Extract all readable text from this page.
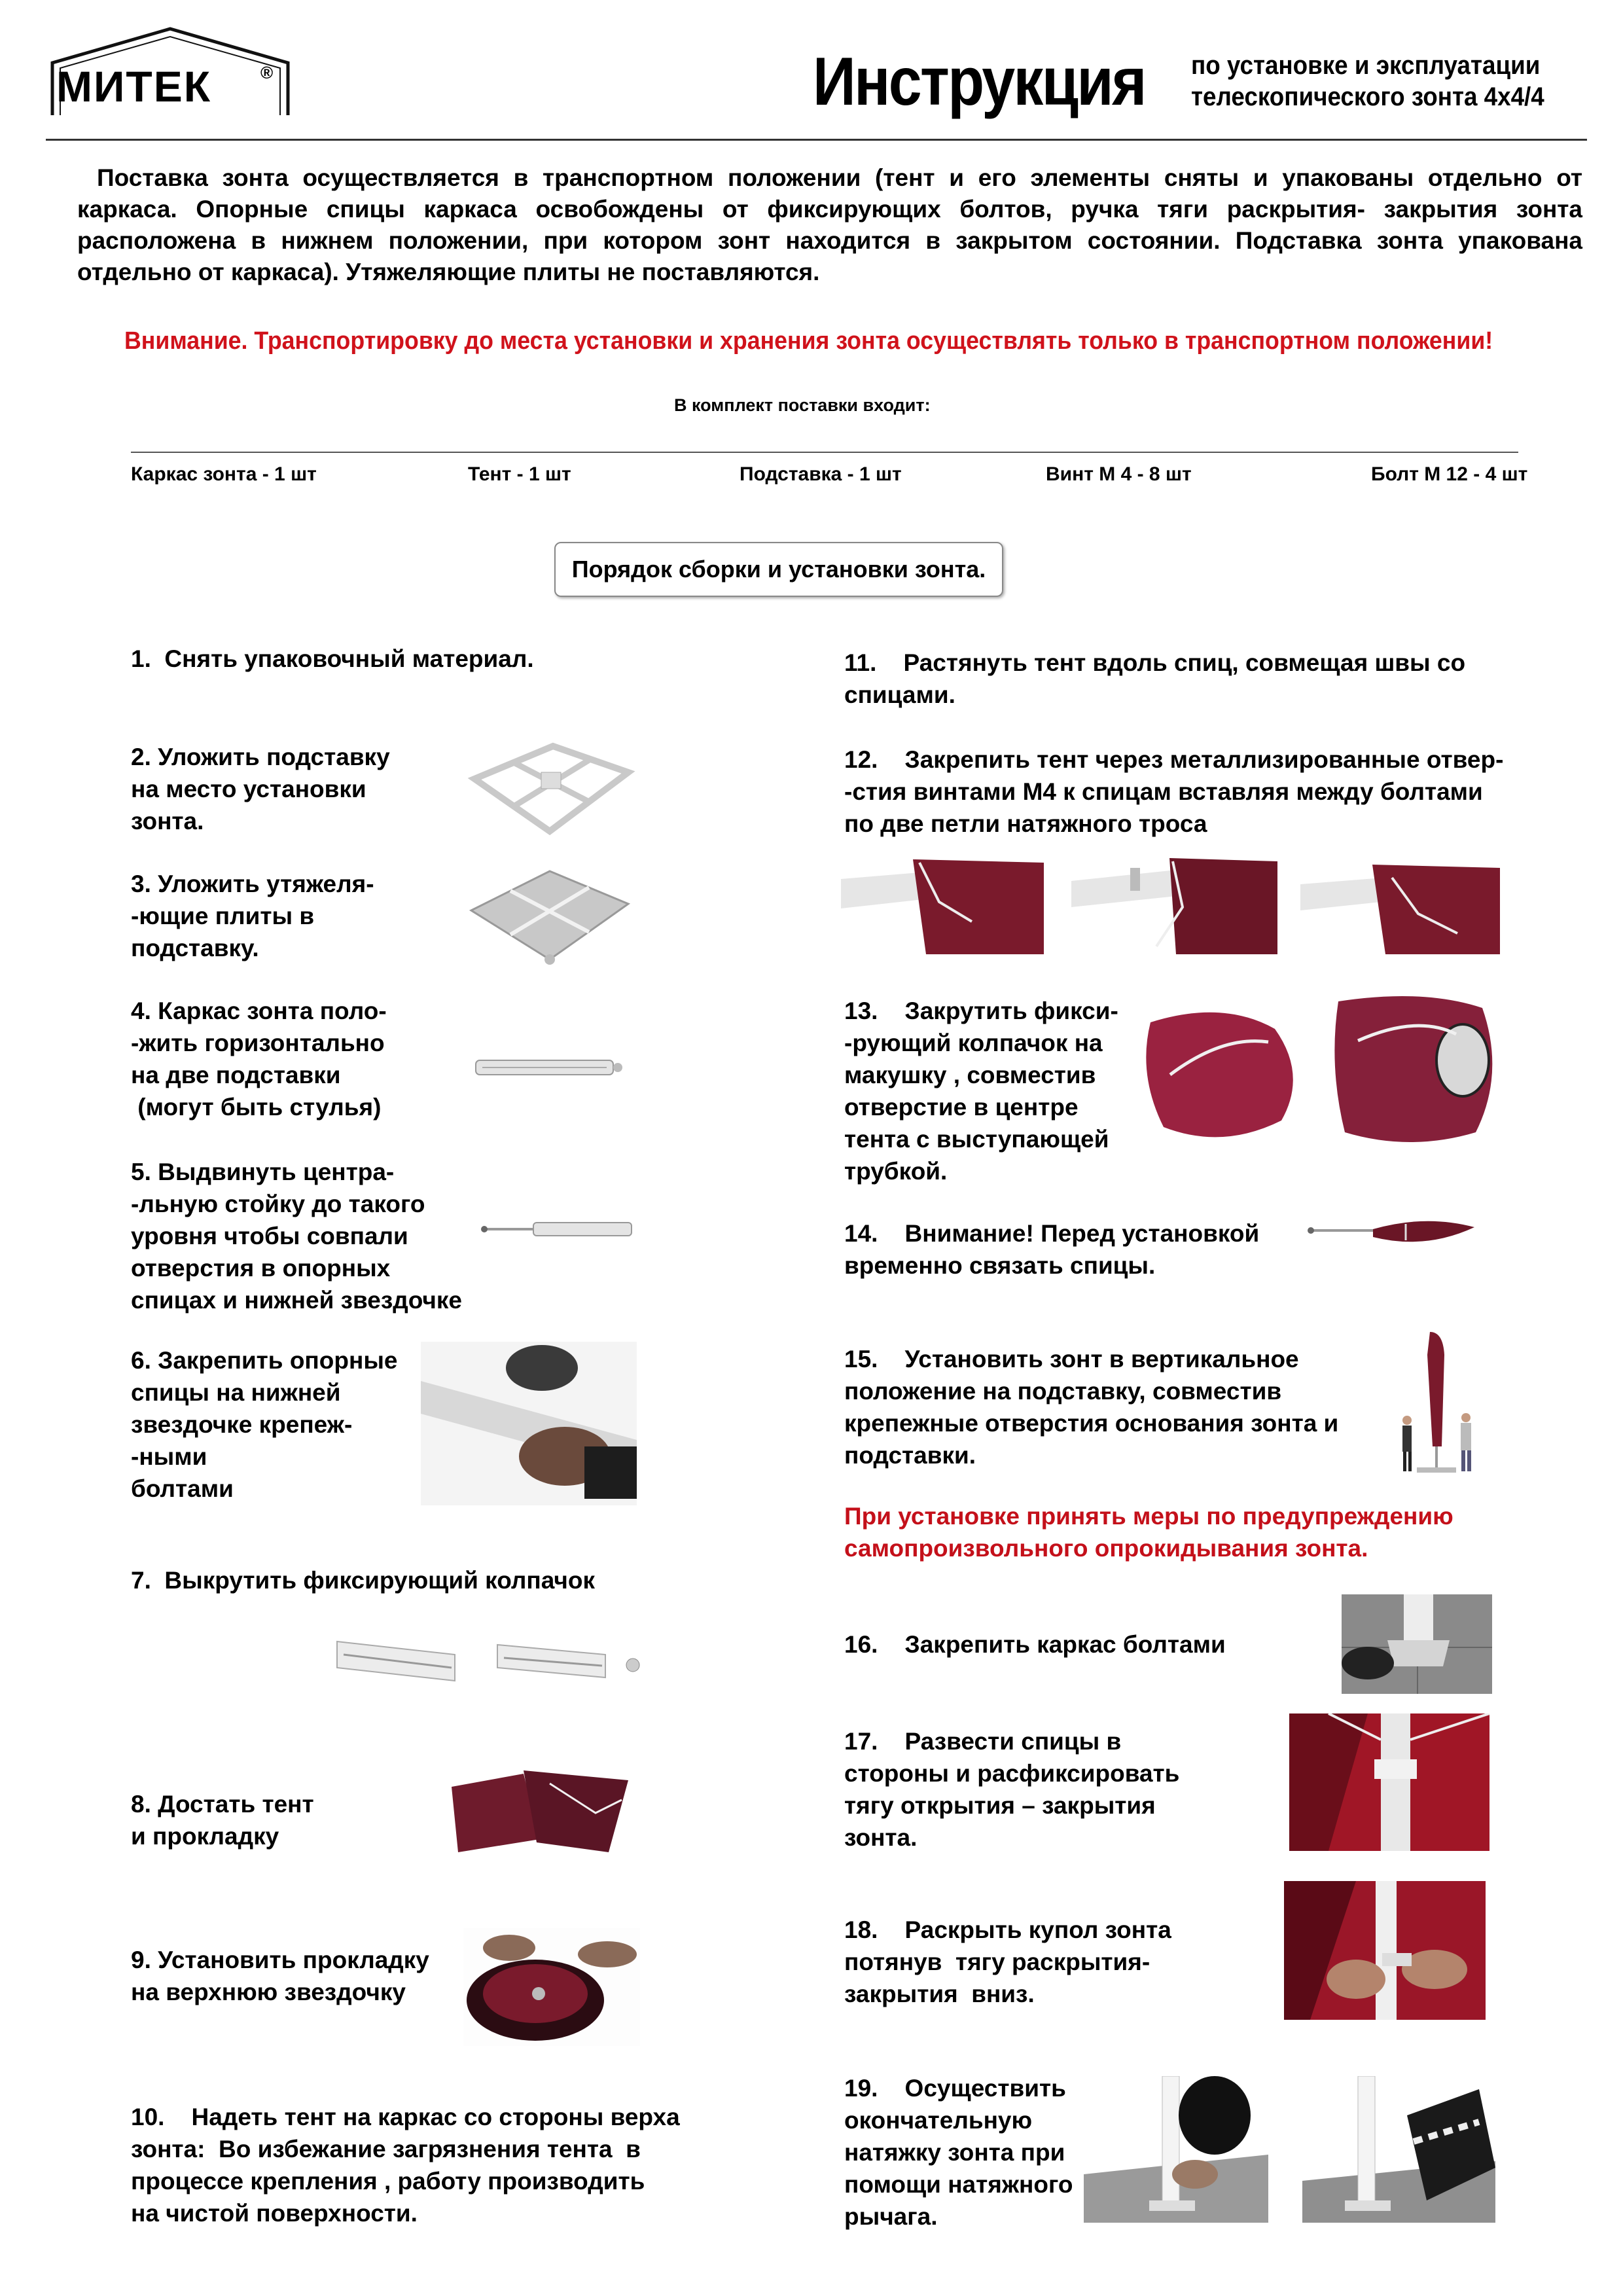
МИТЕК	®	Инструкция по установке и эксплуатации
телескопического зонта 4х4/4

Поставка зонта осуществляется в транспортном положении (тент и его элементы сняты и упакованы отдельно от каркаса. Опорные спицы каркаса освобождены от фиксирующих болтов, ручка тяги раскрытия- закрытия зонта расположена в нижнем положении, при котором зонт находится в закрытом состоянии. Подставка зонта упакована отдельно от каркаса). Утяжеляющие плиты не поставляются.

Внимание. Транспортировку до места установки и хранения зонта осуществлять только в транспортном положении!
В комплект поставки входит:
Каркас зонта - 1 шт	Тент - 1 шт	Подставка - 1 шт	Винт М 4 - 8 шт	Болт М 12 - 4 шт
Порядок сборки и установки зонта.
1.  Снять упаковочный материал.
2. Уложить подставку
на место установки
зонта.
3. Уложить утяжеля-
-ющие плиты в
подставку.
4. Каркас зонта поло-
-жить горизонтально
на две подставки
(могут быть стулья)
5. Выдвинуть центра-
-льную стойку до такого
уровня чтобы совпали
отверстия в опорных
спицах и нижней звездочке
6. Закрепить опорные
спицы на нижней
звездочке крепеж-
-ными
болтами
7.  Выкрутить фиксирующий колпачок
8. Достать тент
и прокладку
9. Установить прокладку
на верхнюю звездочку
10.    Надеть тент на каркас со стороны верха
зонта:  Во избежание загрязнения тента  в
процессе крепления , работу производить
на чистой поверхности.
11.    Растянуть тент вдоль спиц, совмещая швы со
спицами.
12.    Закрепить тент через металлизированные отвер-
-стия винтами М4 к спицам вставляя между болтами
по две петли натяжного троса
13.    Закрутить фикси-
-рующий колпачок на
макушку , совместив
отверстие в центре
тента с выступающей
трубкой.
14.    Внимание! Перед установкой
временно связать спицы.
15.    Установить зонт в вертикальное
положение на подставку, совместив
крепежные отверстия основания зонта и
подставки.
При установке принять меры по предупреждению
самопроизвольного опрокидывания зонта.
16.    Закрепить каркас болтами
17.    Развести спицы в
стороны и расфиксировать
тягу открытия – закрытия
зонта.
18.    Раскрыть купол зонта
потянув  тягу раскрытия-
закрытия  вниз.
19.    Осуществить
окончательную
натяжку зонта при
помощи натяжного
рычага.
